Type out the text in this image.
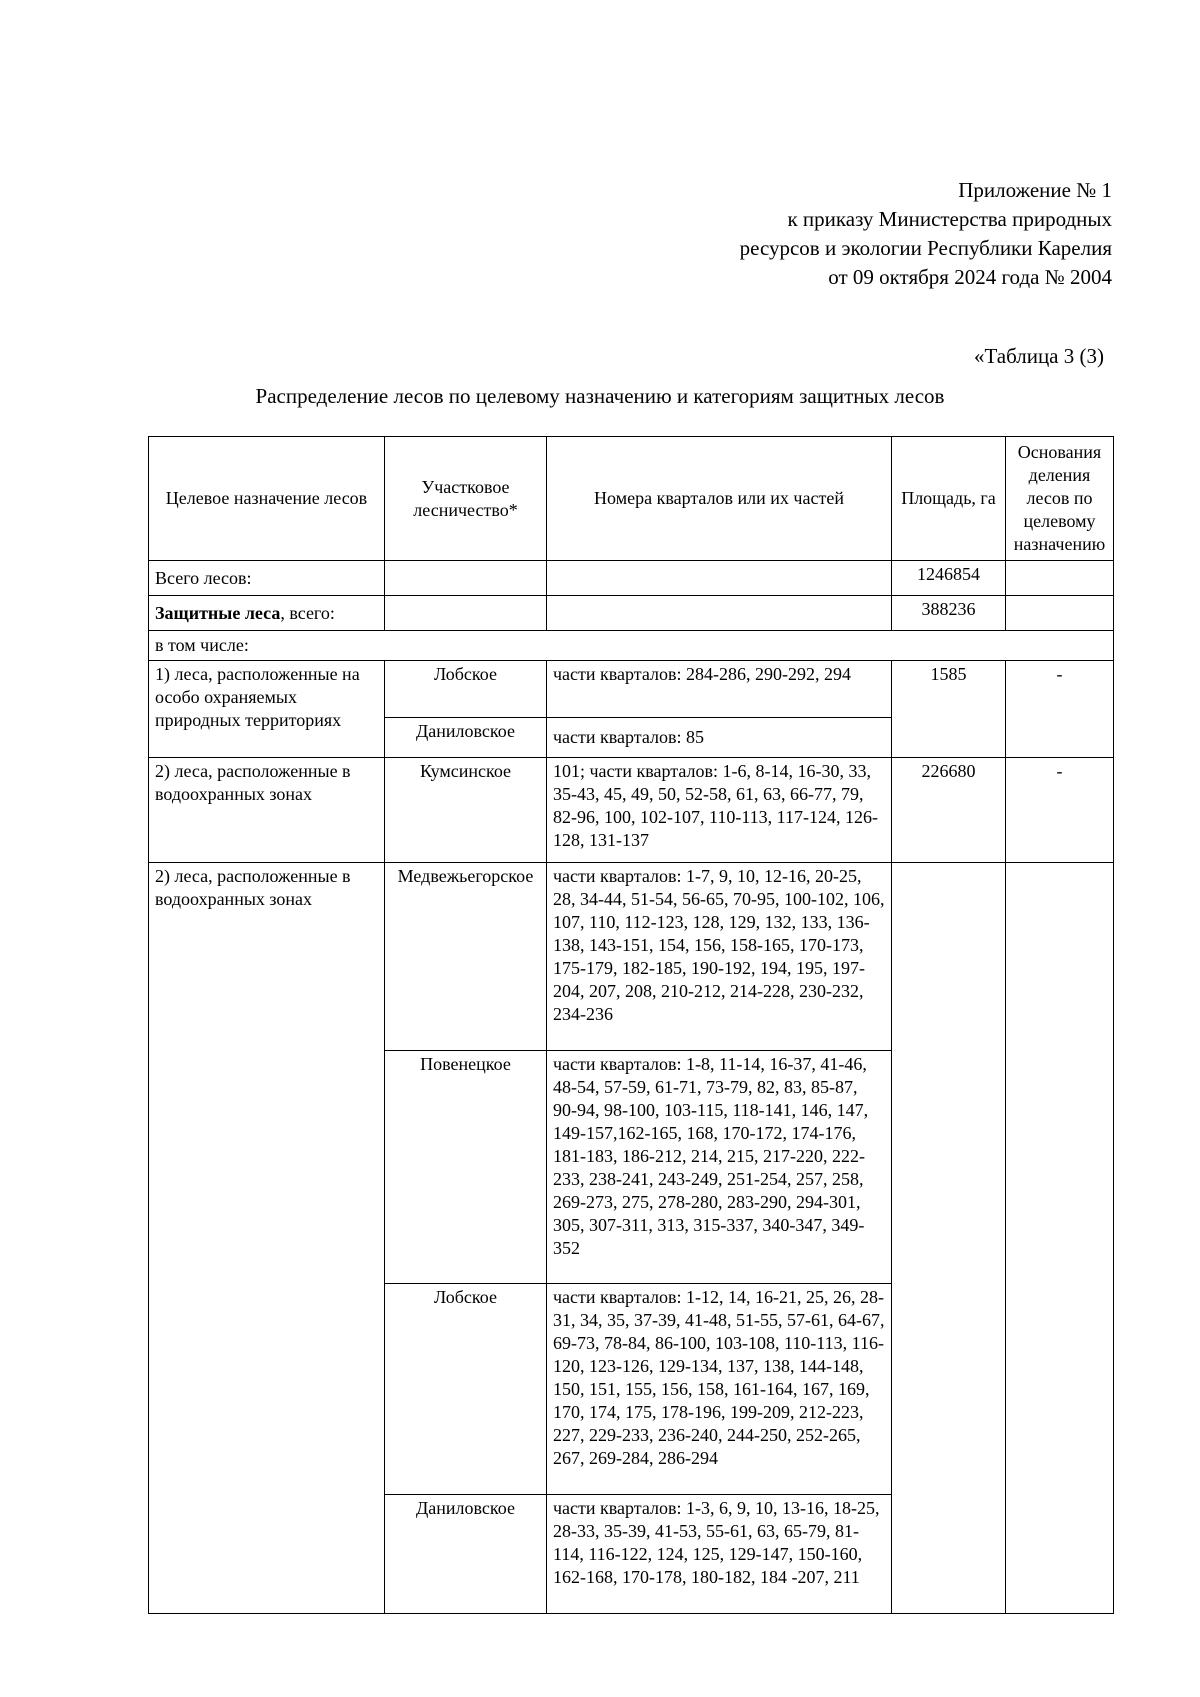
Приложение № 1
к приказу Министерства природных
ресурсов и экологии Республики Карелия
от 09 октября 2024 года № 2004
«Таблица 3 (3)
Распределение лесов по целевому назначению и категориям защитных лесов
Целевое назначение лесов	Участковое лесничество*	Номера кварталов или их частей	Площадь, га	Основания деления лесов по целевому назначению
Всего лесов:			1246854	
Защитные леса, всего:			388236	
в том числе:				
1) леса, расположенные на особо охраняемых природных территориях	Лобское	части кварталов: 284-286, 290-292, 294	1585	-
	Даниловское	части кварталов: 85		
2) леса, расположенные в водоохранных зонах	Кумсинское	101; части кварталов: 1-6, 8-14, 16-30, 33, 35-43, 45, 49, 50, 52-58, 61, 63, 66-77, 79, 82-96, 100, 102-107, 110-113, 117-124, 126-128, 131-137	226680	-
2) леса, расположенные в водоохранных зонах	Медвежьегорское	части кварталов: 1-7, 9, 10, 12-16, 20-25, 28, 34-44, 51-54, 56-65, 70-95, 100-102, 106, 107, 110, 112-123, 128, 129, 132, 133, 136-138, 143-151, 154, 156, 158-165, 170-173, 175-179, 182-185, 190-192, 194, 195, 197-204, 207, 208, 210-212, 214-228, 230-232, 234-236		
	Повенецкое	части кварталов: 1-8, 11-14, 16-37, 41-46, 48-54, 57-59, 61-71, 73-79, 82, 83, 85-87, 90-94, 98-100, 103-115, 118-141, 146, 147, 149-157,162-165, 168, 170-172, 174-176, 181-183, 186-212, 214, 215, 217-220, 222-233, 238-241, 243-249, 251-254, 257, 258, 269-273, 275, 278-280, 283-290, 294-301, 305, 307-311, 313, 315-337, 340-347, 349-352		
	Лобское	части кварталов: 1-12, 14, 16-21, 25, 26, 28-31, 34, 35, 37-39, 41-48, 51-55, 57-61, 64-67, 69-73, 78-84, 86-100, 103-108, 110-113, 116-120, 123-126, 129-134, 137, 138, 144-148, 150, 151, 155, 156, 158, 161-164, 167, 169, 170, 174, 175, 178-196, 199-209, 212-223, 227, 229-233, 236-240, 244-250, 252-265, 267, 269-284, 286-294		
	Даниловское	части кварталов: 1-3, 6, 9, 10, 13-16, 18-25, 28-33, 35-39, 41-53, 55-61, 63, 65-79, 81-114, 116-122, 124, 125, 129-147, 150-160, 162-168, 170-178, 180-182, 184 -207, 211		
